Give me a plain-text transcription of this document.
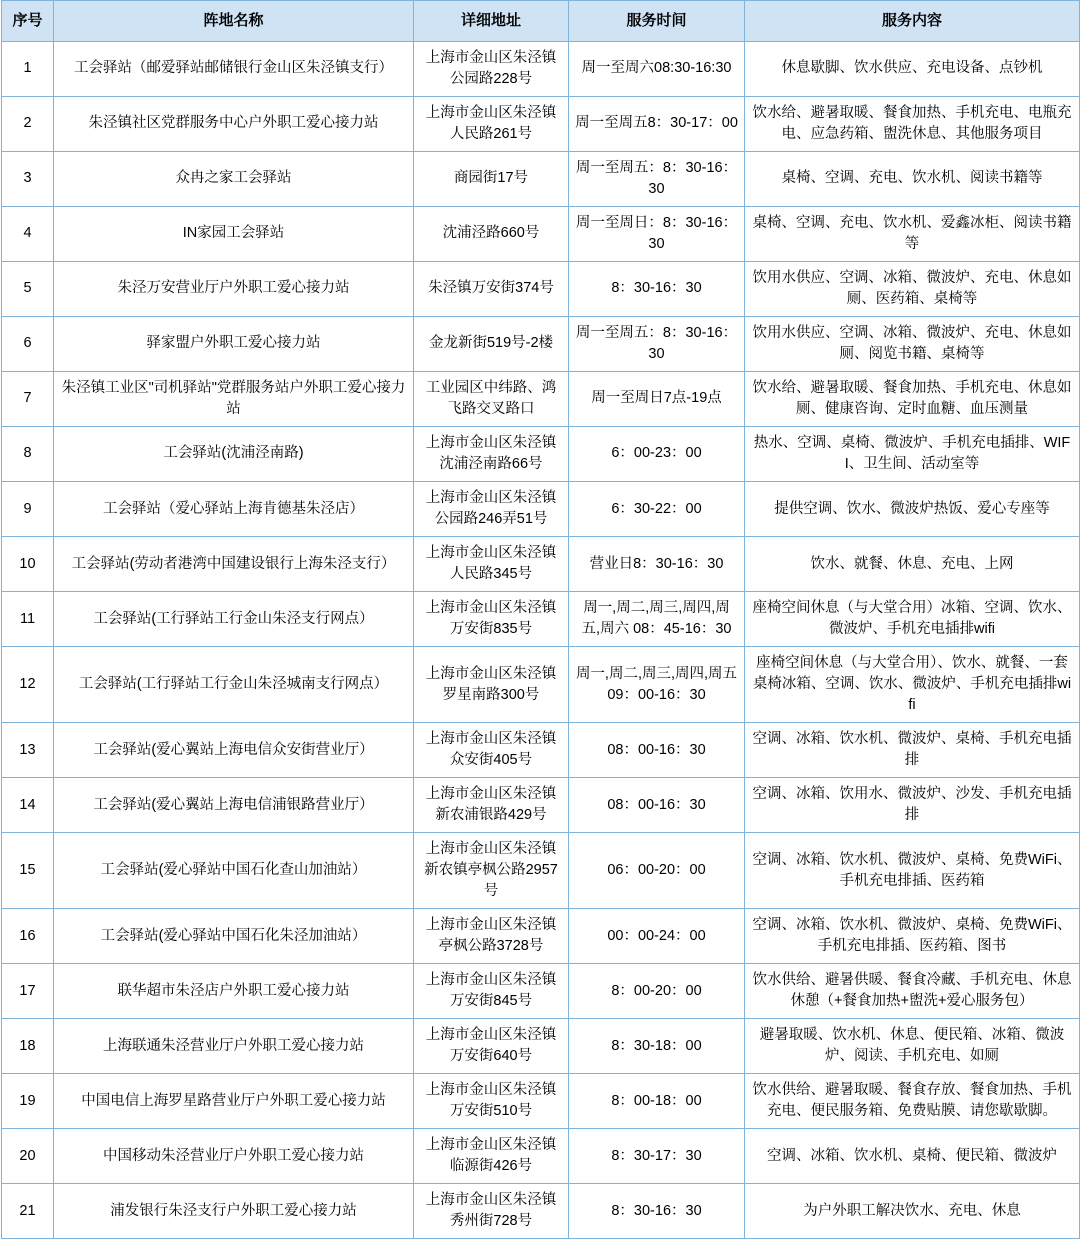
序号	阵地名称	详细地址	服务时间	服务内容
1	工会驿站（邮爱驿站邮储银行金山区朱泾镇支行）	上海市金山区朱泾镇公园路228号	周一至周六08:30-16:30	休息歇脚、饮水供应、充电设备、点钞机
2	朱泾镇社区党群服务中心户外职工爱心接力站	上海市金山区朱泾镇人民路261号	周一至周五8：30-17：00	饮水给、避暑取暖、餐食加热、手机充电、电瓶充电、应急药箱、盥洗休息、其他服务项目
3	众冉之家工会驿站	商园街17号	周一至周五：8：30-16：30	桌椅、空调、充电、饮水机、阅读书籍等
4	IN家园工会驿站	沈浦泾路660号	周一至周日：8：30-16：30	桌椅、空调、充电、饮水机、爱鑫冰柜、阅读书籍等
5	朱泾万安营业厅户外职工爱心接力站	朱泾镇万安街374号	8：30-16：30	饮用水供应、空调、冰箱、微波炉、充电、休息如厕、医药箱、桌椅等
6	驿家盟户外职工爱心接力站	金龙新街519号-2楼	周一至周五：8：30-16：30	饮用水供应、空调、冰箱、微波炉、充电、休息如厕、阅览书籍、桌椅等
7	朱泾镇工业区"司机驿站"党群服务站户外职工爱心接力站	工业园区中纬路、鸿飞路交叉路口	周一至周日7点-19点	饮水给、避暑取暖、餐食加热、手机充电、休息如厕、健康咨询、定时血糖、血压测量
8	工会驿站(沈浦泾南路)	上海市金山区朱泾镇沈浦泾南路66号	6：00-23：00	热水、空调、桌椅、微波炉、手机充电插排、WIFI、卫生间、活动室等
9	工会驿站（爱心驿站上海肯德基朱泾店）	上海市金山区朱泾镇公园路246弄51号	6：30-22：00	提供空调、饮水、微波炉热饭、爱心专座等
10	工会驿站(劳动者港湾中国建设银行上海朱泾支行）	上海市金山区朱泾镇人民路345号	营业日8：30-16：30	饮水、就餐、休息、充电、上网
11	工会驿站(工行驿站工行金山朱泾支行网点）	上海市金山区朱泾镇万安街835号	周一,周二,周三,周四,周五,周六 08：45-16：30	座椅空间休息（与大堂合用）冰箱、空调、饮水、微波炉、手机充电插排wifi
12	工会驿站(工行驿站工行金山朱泾城南支行网点）	上海市金山区朱泾镇罗星南路300号	周一,周二,周三,周四,周五09：00-16：30	座椅空间休息（与大堂合用）、饮水、就餐、一套桌椅冰箱、空调、饮水、微波炉、手机充电插排wifi
13	工会驿站(爱心翼站上海电信众安街营业厅）	上海市金山区朱泾镇众安街405号	08：00-16：30	空调、冰箱、饮水机、微波炉、桌椅、手机充电插排
14	工会驿站(爱心翼站上海电信浦银路营业厅）	上海市金山区朱泾镇新农浦银路429号	08：00-16：30	空调、冰箱、饮用水、微波炉、沙发、手机充电插排
15	工会驿站(爱心驿站中国石化查山加油站）	上海市金山区朱泾镇新农镇亭枫公路2957号	06：00-20：00	空调、冰箱、饮水机、微波炉、桌椅、免费WiFi、手机充电排插、医药箱
16	工会驿站(爱心驿站中国石化朱泾加油站）	上海市金山区朱泾镇亭枫公路3728号	00：00-24：00	空调、冰箱、饮水机、微波炉、桌椅、免费WiFi、手机充电排插、医药箱、图书
17	联华超市朱泾店户外职工爱心接力站	上海市金山区朱泾镇万安街845号	8：00-20：00	饮水供给、避暑供暖、餐食冷藏、手机充电、休息休憩（+餐食加热+盥洗+爱心服务包）
18	上海联通朱泾营业厅户外职工爱心接力站	上海市金山区朱泾镇万安街640号	8：30-18：00	避暑取暖、饮水机、休息、便民箱、冰箱、微波炉、阅读、手机充电、如厕
19	中国电信上海罗星路营业厅户外职工爱心接力站	上海市金山区朱泾镇万安街510号	8：00-18：00	饮水供给、避暑取暖、餐食存放、餐食加热、手机充电、便民服务箱、免费贴膜、请您歇歇脚。
20	中国移动朱泾营业厅户外职工爱心接力站	上海市金山区朱泾镇临源街426号	8：30-17：30	空调、冰箱、饮水机、桌椅、便民箱、微波炉
21	浦发银行朱泾支行户外职工爱心接力站	上海市金山区朱泾镇秀州街728号	8：30-16：30	为户外职工解决饮水、充电、休息
